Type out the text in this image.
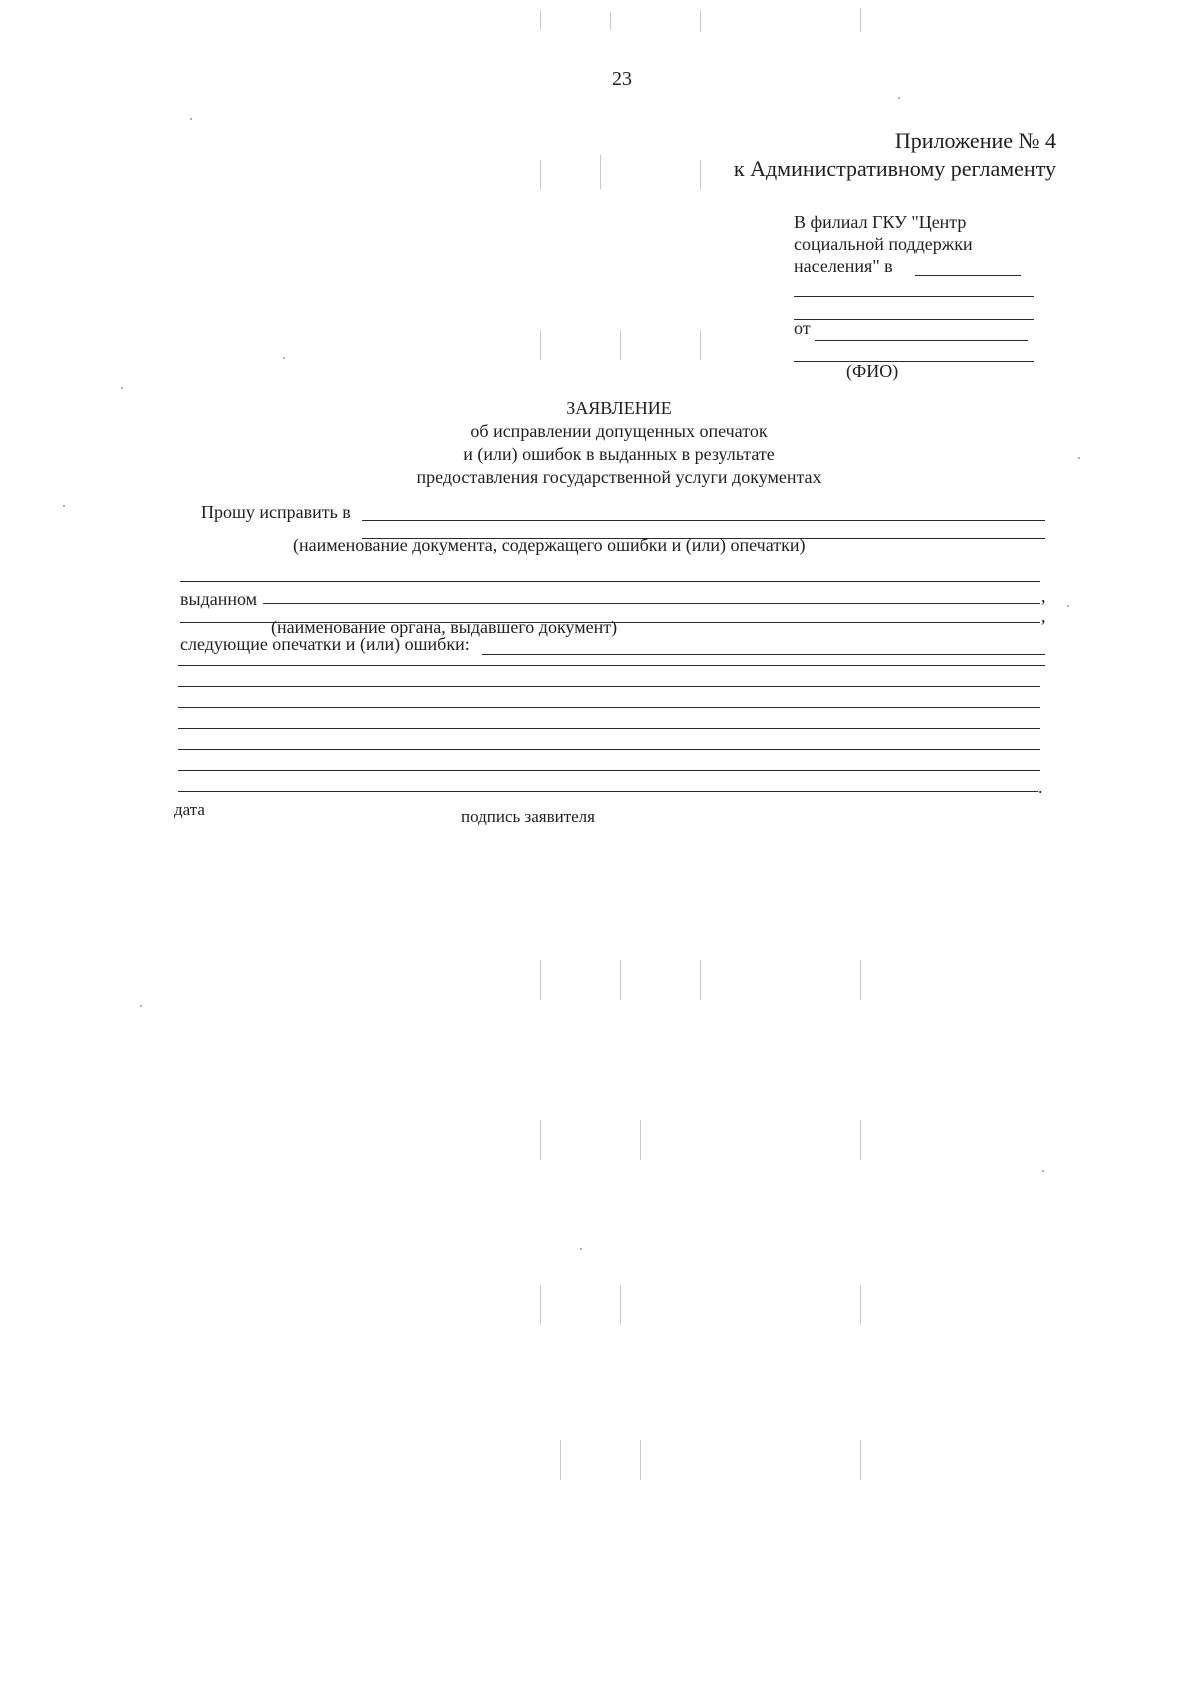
23
Приложение № 4
к Административному регламенту
В филиал ГКУ "Центр
социальной поддержки
населения" в
от
(ФИО)
ЗАЯВЛЕНИЕ
об исправлении допущенных опечаток
и (или) ошибок в выданных в результате
предоставления государственной услуги документах
Прошу исправить в
(наименование документа, содержащего ошибки и (или) опечатки)
выданном	,
,
(наименование органа, выдавшего документ)
следующие опечатки и (или) ошибки:
.
дата	подпись заявителя
